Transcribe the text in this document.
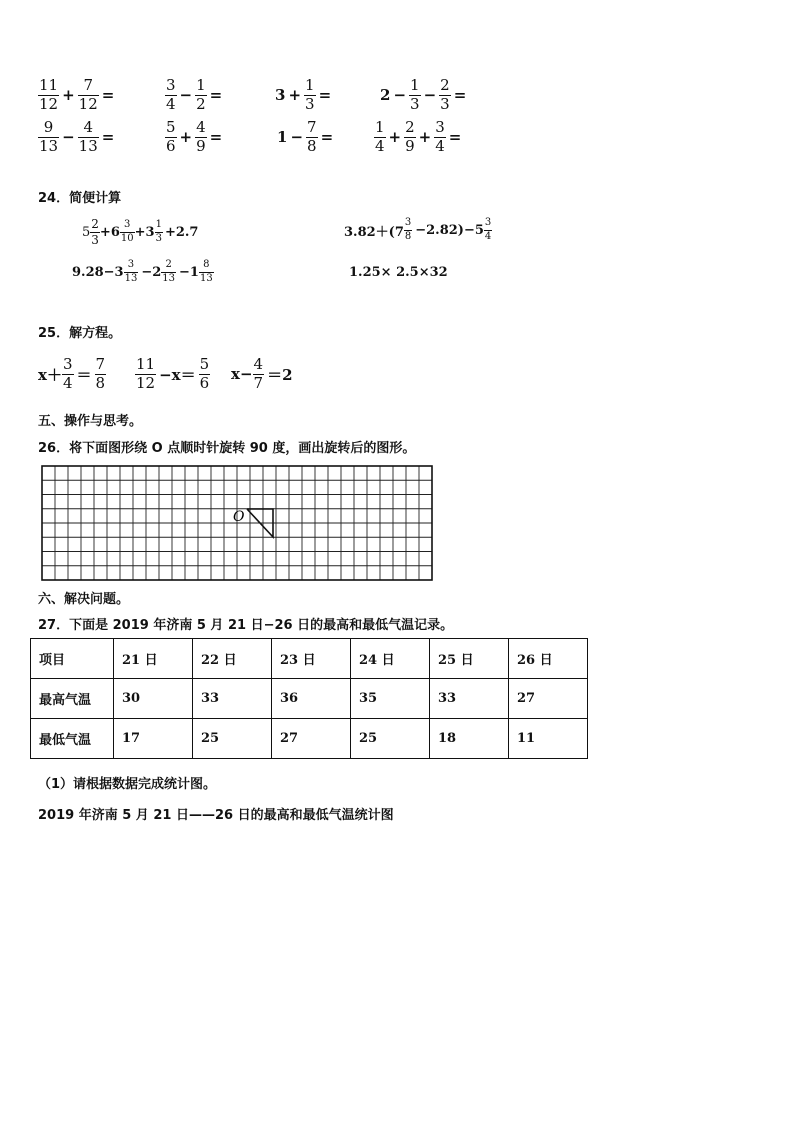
$\frac{11}{12} + \frac{7}{12}$ =	$\frac{3}{4} - \frac{1}{2}$ =	$3 + \frac{1}{3}$ =	$2 - \frac{1}{3} - \frac{2}{3}$ =
$\frac{9}{13} - \frac{4}{13}$ =	$\frac{5}{6} + \frac{4}{9}$ =	$1 - \frac{7}{8}$ =	$\frac{1}{4} + \frac{2}{9} + \frac{3}{4}$ =
24．简便计算
$5 \frac{2}{3} +6 \frac{3}{10} +3 \frac{1}{3} +2.7$	$3.82+(7 \frac{3}{8} -2.82)-5 \frac{3}{4}$
$9.28-3 \frac{3}{13} -2 \frac{2}{13} -1 \frac{8}{13}$	1.25× 2.5×32
25．解方程。
$x+ \frac{3}{4} = \frac{7}{8} \frac{11}{12} -x= \frac{5}{6} x- \frac{4}{7} =2$
五、操作与思考。
26．将下面图形绕 O 点顺时针旋转 90 度，画出旋转后的图形。
O
六、解决问题。
27．下面是 2019 年济南 5 月 21 日−26 日的最高和最低气温记录。
项目	21 日	22 日	23 日	24 日	25 日	26 日
最高气温	30	33	36	35	33	27
最低气温	17	25	27	25	18	11
（1）请根据数据完成统计图。
2019 年济南 5 月 21 日——26 日的最高和最低气温统计图
